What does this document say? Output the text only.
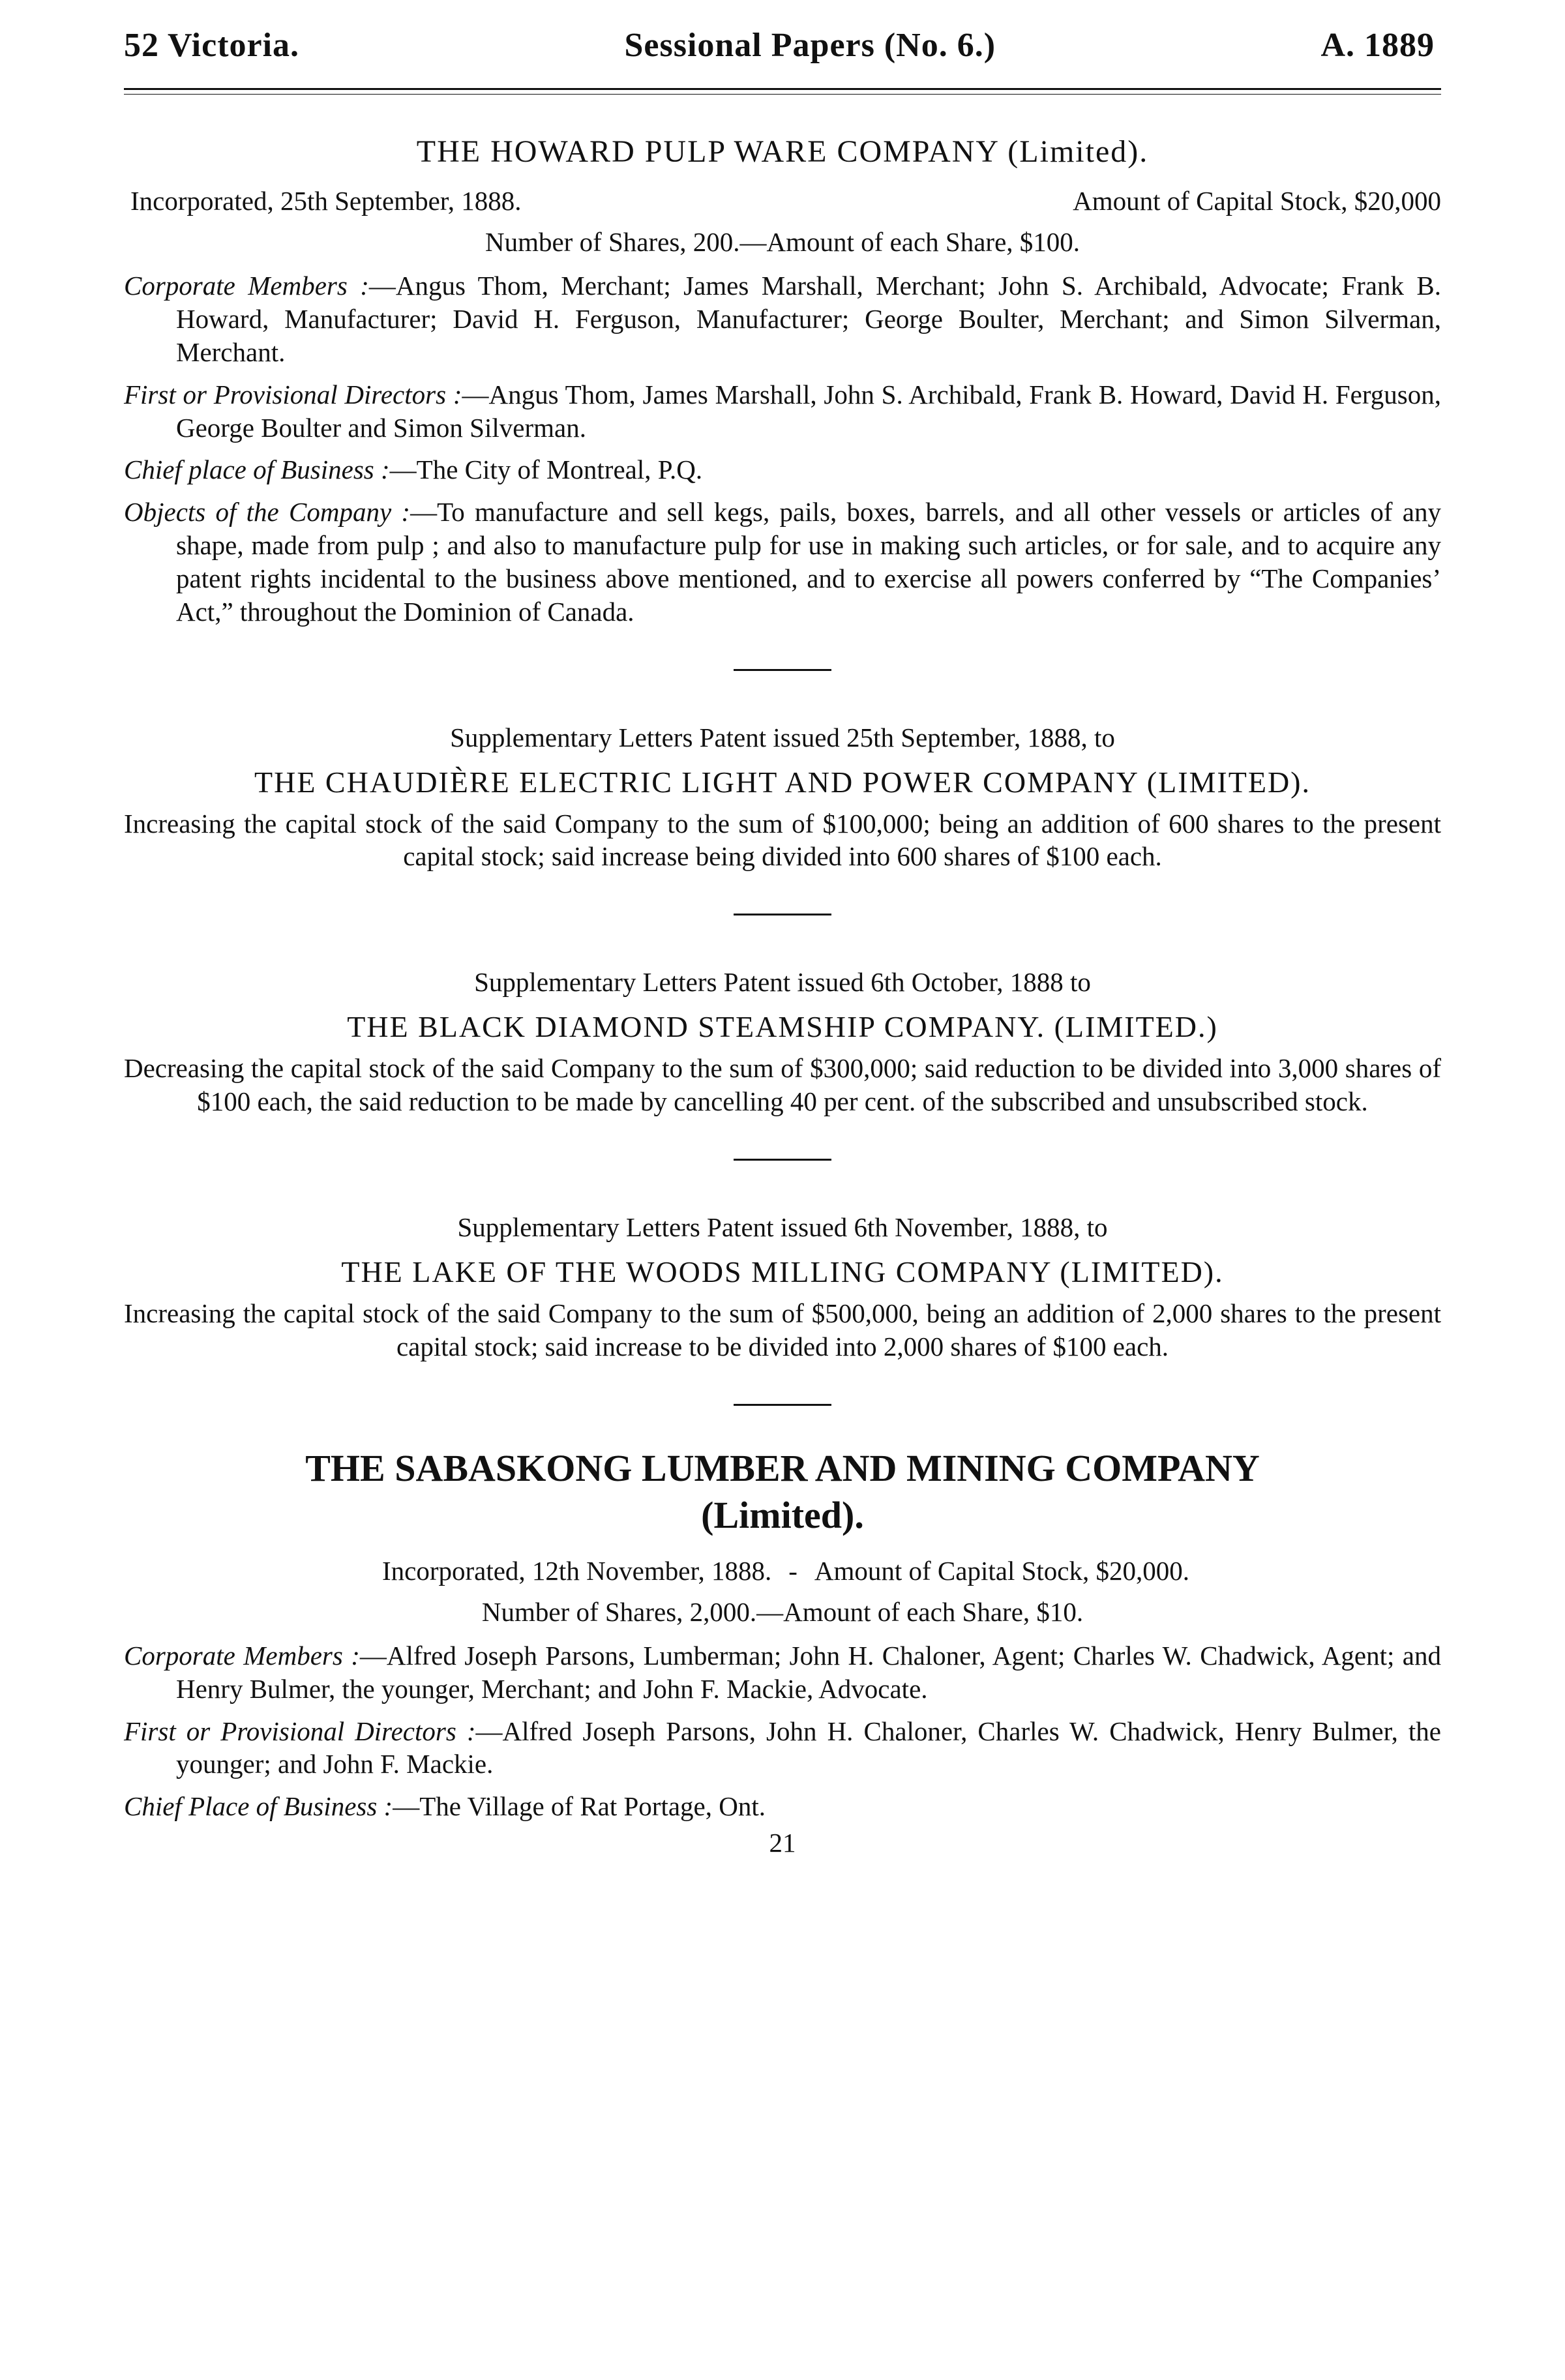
52 Victoria.	Sessional Papers (No. 6.)	A. 1889
THE HOWARD PULP WARE COMPANY (Limited).
Incorporated, 25th September, 1888.	Amount of Capital Stock, $20,000
Number of Shares, 200.—Amount of each Share, $100.
Corporate Members :—Angus Thom, Merchant; James Marshall, Merchant; John S. Archibald, Advocate; Frank B. Howard, Manufacturer; David H. Ferguson, Manufacturer; George Boulter, Merchant; and Simon Silverman, Merchant.
First or Provisional Directors :—Angus Thom, James Marshall, John S. Archibald, Frank B. Howard, David H. Ferguson, George Boulter and Simon Silverman.
Chief place of Business :—The City of Montreal, P.Q.
Objects of the Company :—To manufacture and sell kegs, pails, boxes, barrels, and all other vessels or articles of any shape, made from pulp ; and also to manufacture pulp for use in making such articles, or for sale, and to acquire any patent rights incidental to the business above mentioned, and to exercise all powers conferred by “The Companies’ Act,” throughout the Dominion of Canada.
Supplementary Letters Patent issued 25th September, 1888, to
THE CHAUDIÈRE ELECTRIC LIGHT AND POWER COMPANY (LIMITED).
Increasing the capital stock of the said Company to the sum of $100,000; being an addition of 600 shares to the present capital stock; said increase being divided into 600 shares of $100 each.
Supplementary Letters Patent issued 6th October, 1888 to
THE BLACK DIAMOND STEAMSHIP COMPANY. (LIMITED.)
Decreasing the capital stock of the said Company to the sum of $300,000; said reduction to be divided into 3,000 shares of $100 each, the said reduction to be made by cancelling 40 per cent. of the subscribed and unsubscribed stock.
Supplementary Letters Patent issued 6th November, 1888, to
THE LAKE OF THE WOODS MILLING COMPANY (LIMITED).
Increasing the capital stock of the said Company to the sum of $500,000, being an addition of 2,000 shares to the present capital stock; said increase to be divided into 2,000 shares of $100 each.
THE SABASKONG LUMBER AND MINING COMPANY
(Limited).
Incorporated, 12th November, 1888. - Amount of Capital Stock, $20,000.
Number of Shares, 2,000.—Amount of each Share, $10.
Corporate Members :—Alfred Joseph Parsons, Lumberman; John H. Chaloner, Agent; Charles W. Chadwick, Agent; and Henry Bulmer, the younger, Merchant; and John F. Mackie, Advocate.
First or Provisional Directors :—Alfred Joseph Parsons, John H. Chaloner, Charles W. Chadwick, Henry Bulmer, the younger; and John F. Mackie.
Chief Place of Business :—The Village of Rat Portage, Ont.
21
